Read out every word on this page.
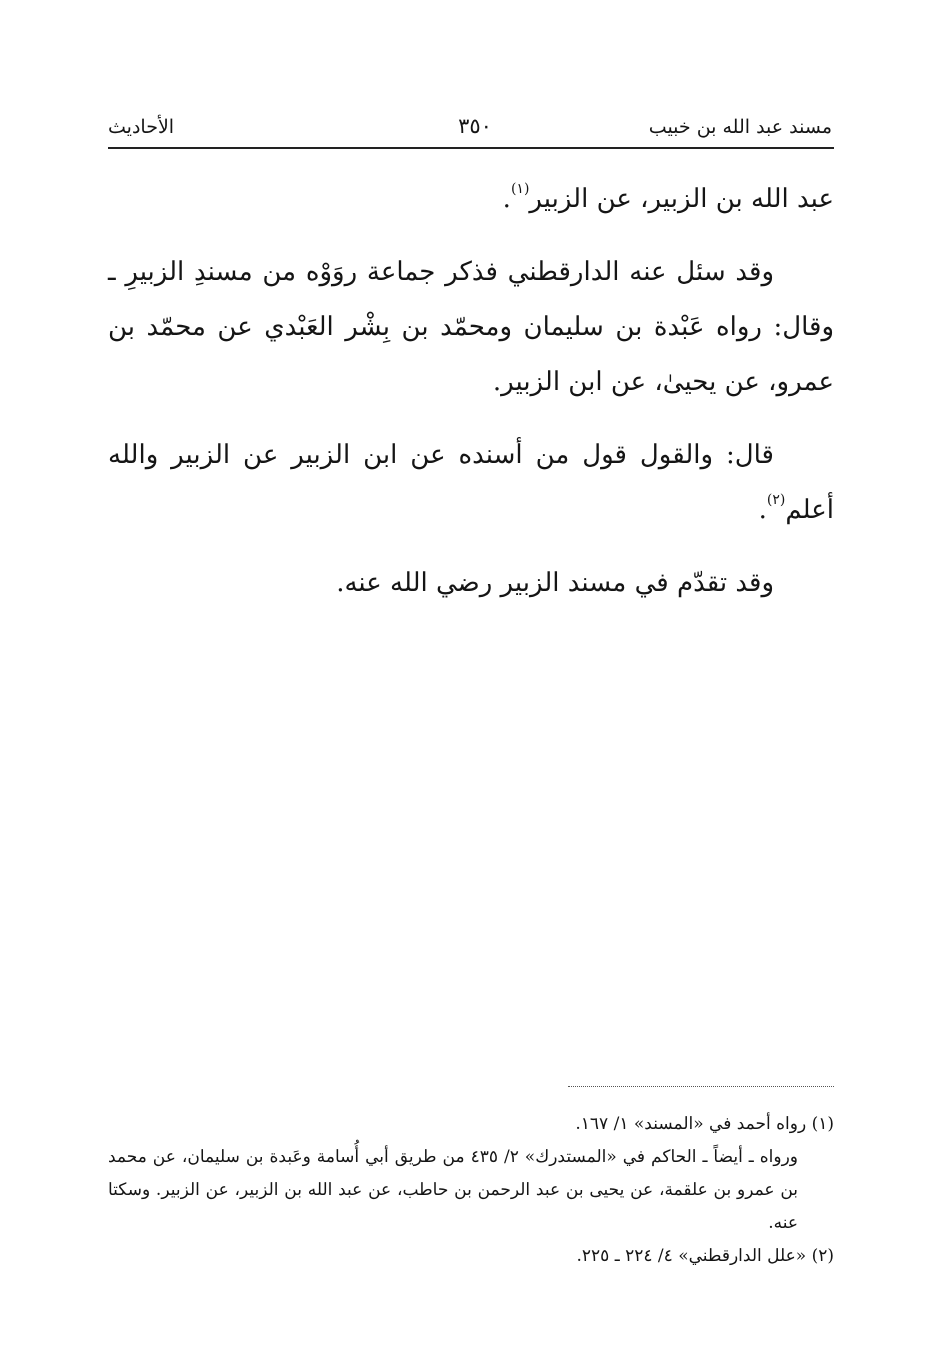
مسند عبد الله بن خبيب
٣٥٠
الأحاديث

عبد الله بن الزبير، عن الزبير$^{(١)}$.

وقد سئل عنه الدارقطني فذكر جماعة روَوْه من مسندِ الزبيرِ ـ وقال: رواه عَبْدة بن سليمان ومحمّد بن بِشْر العَبْدي عن محمّد بن عمرو، عن يحيىٰ، عن ابن الزبير.

قال: والقول قول من أسنده عن ابن الزبير عن الزبير والله أعلم$^{(٢)}$.

وقد تقدّم في مسند الزبير رضي الله عنه.

(١) رواه أحمد في «المسند» ١/ ١٦٧.

ورواه ـ أيضاً ـ الحاكم في «المستدرك» ٢/ ٤٣٥ من طريق أبي أُسامة وعَبدة بن سليمان، عن محمد بن عمرو بن علقمة، عن يحيى بن عبد الرحمن بن حاطب، عن عبد الله بن الزبير، عن الزبير. وسكتا عنه.

(٢) «علل الدارقطني» ٤/ ٢٢٤ ـ ٢٢٥.
